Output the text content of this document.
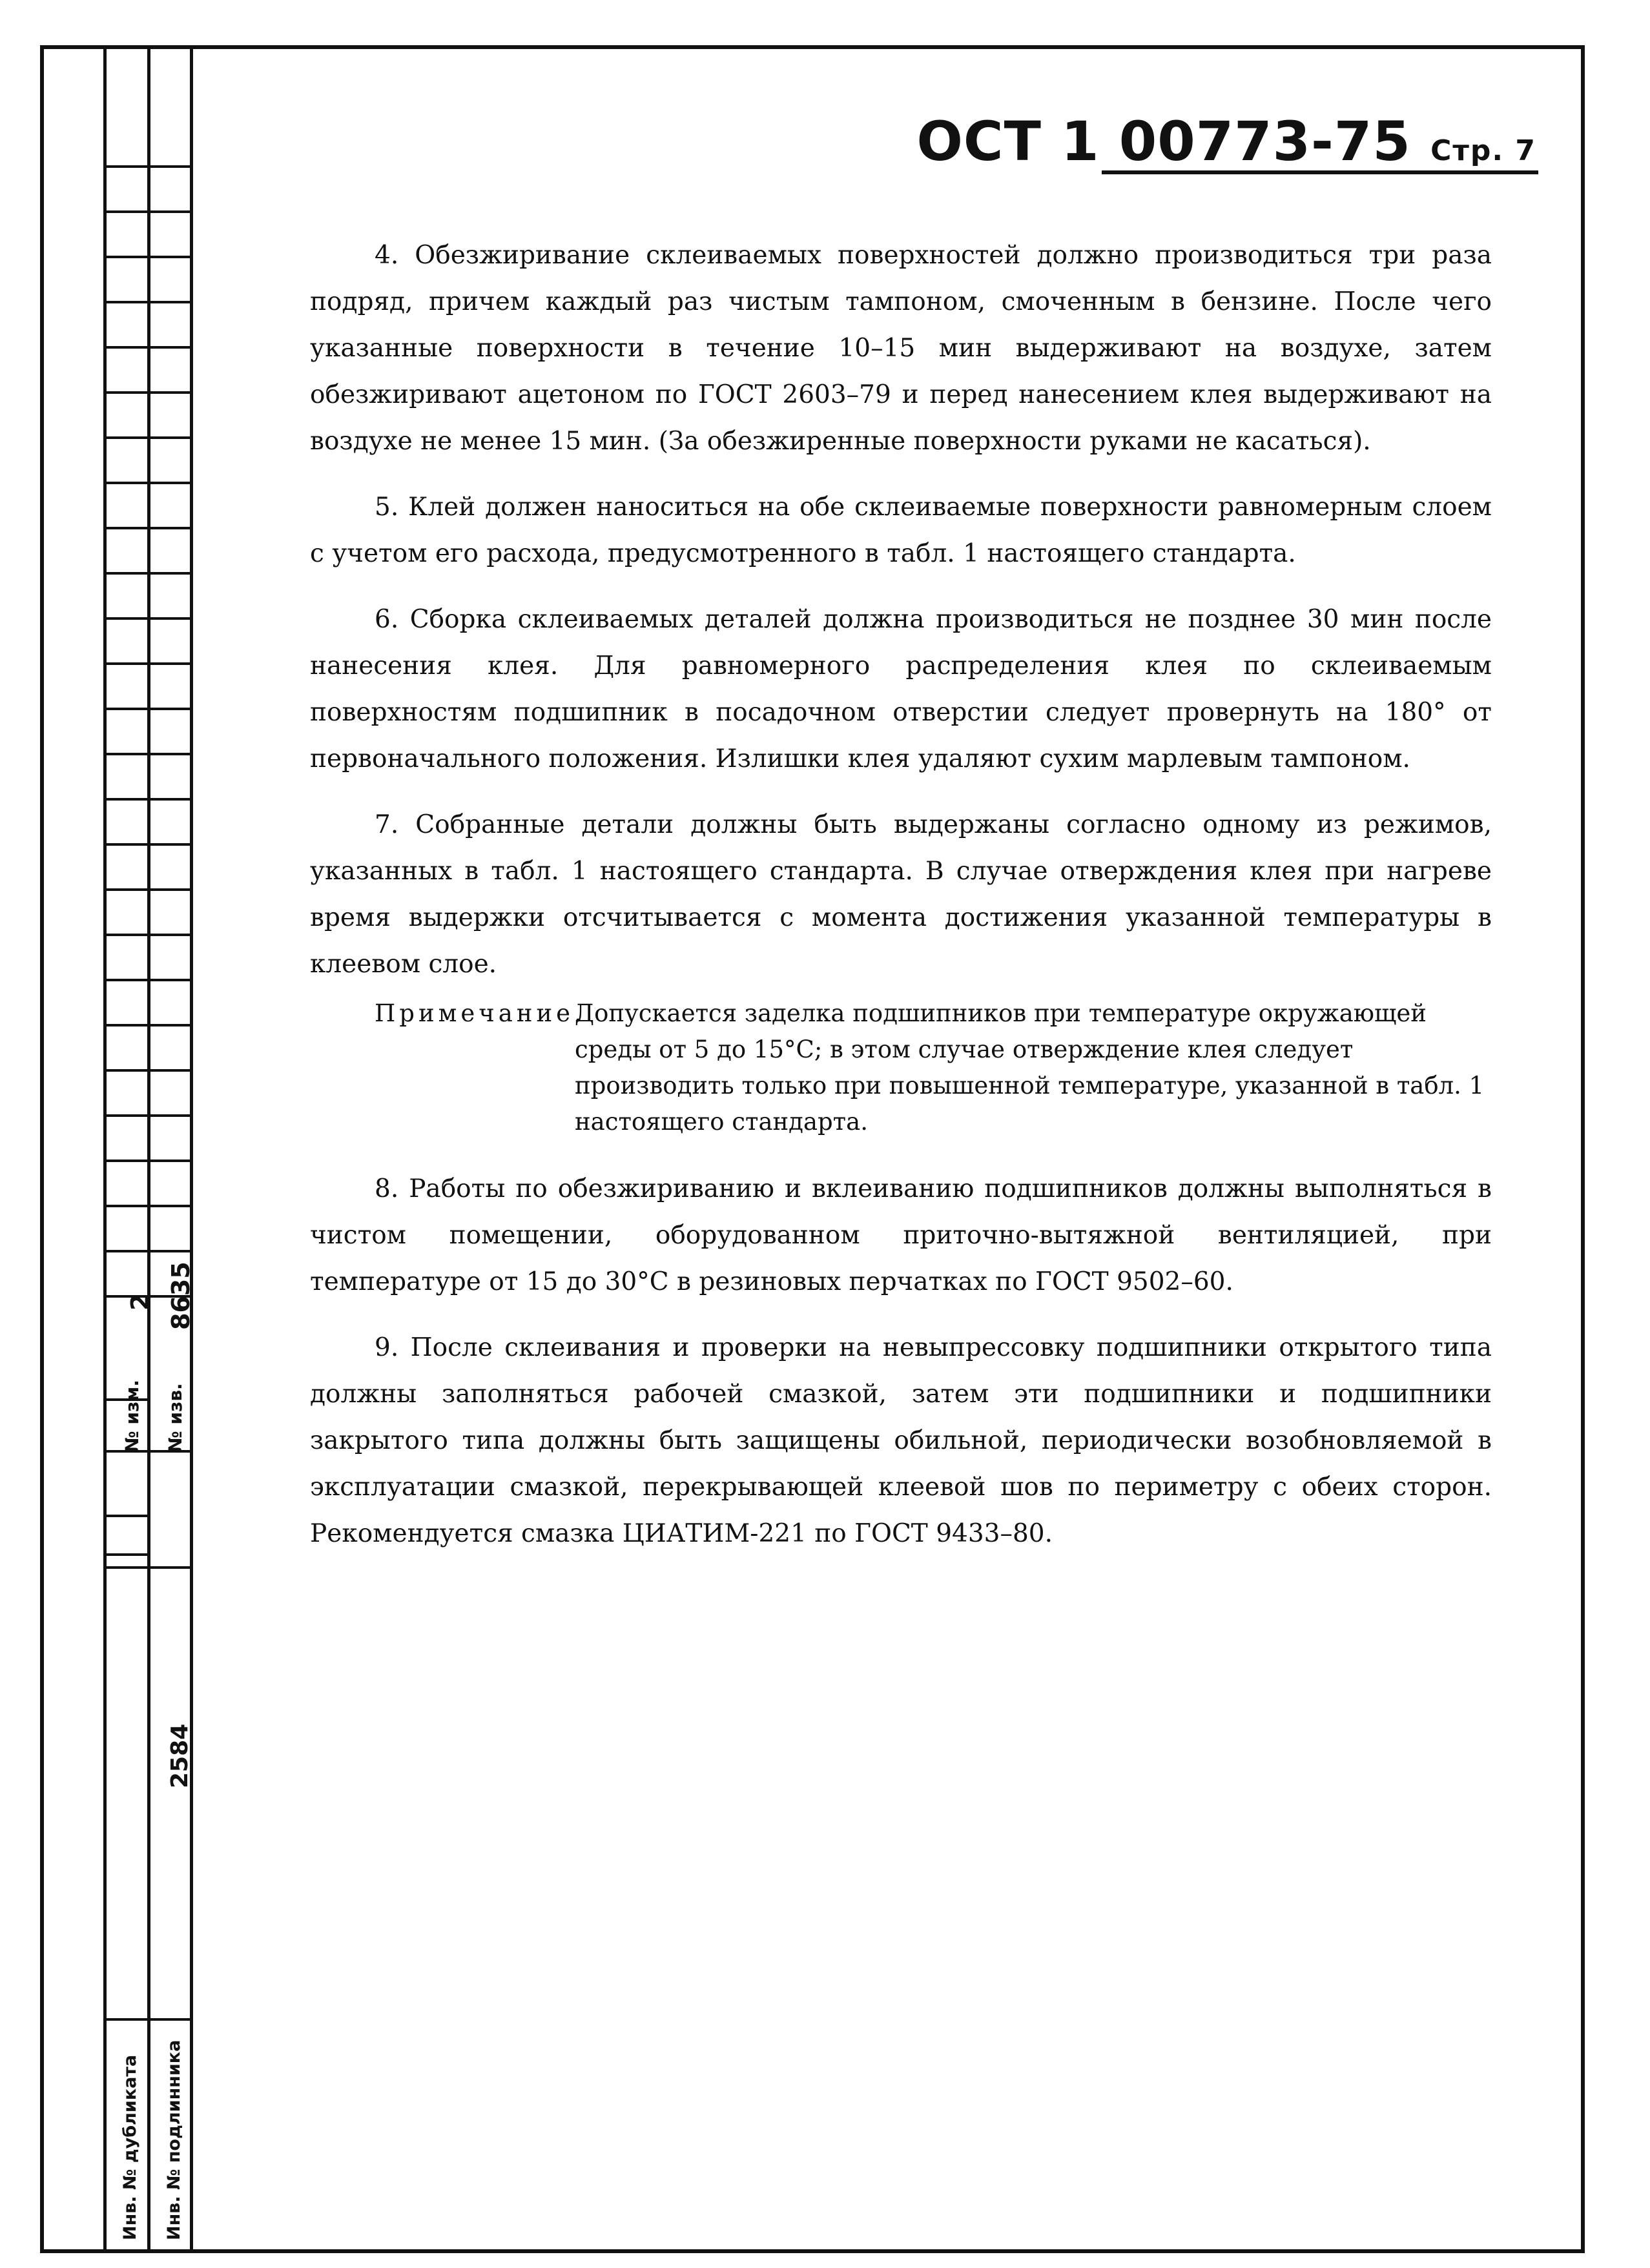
2 8635
№ изм. № изв.
2584
Инв. № дубликата Инв. № подлинника
ОСТ 1 00773-75 Стр. 7

4. Обезжиривание склеиваемых поверхностей должно производиться три раза подряд, причем каждый раз чистым тампоном, смоченным в бензине. После чего указанные поверхности в течение 10–15 мин выдерживают на воздухе, затем обезжиривают ацетоном по ГОСТ 2603–79 и перед нанесением клея выдерживают на воздухе не менее 15 мин. (За обезжиренные поверхности руками не касаться).

5. Клей должен наноситься на обе склеиваемые поверхности равномерным слоем с учетом его расхода, предусмотренного в табл. 1 настоящего стандарта.

6. Сборка склеиваемых деталей должна производиться не позднее 30 мин после нанесения клея. Для равномерного распределения клея по склеиваемым поверхностям подшипник в посадочном отверстии следует провернуть на 180° от первоначального положения. Излишки клея удаляют сухим марлевым тампоном.

7. Собранные детали должны быть выдержаны согласно одному из режимов, указанных в табл. 1 настоящего стандарта. В случае отверждения клея при нагреве время выдержки отсчитывается с момента достижения указанной температуры в клеевом слое.

Примечание.
Допускается заделка подшипников при температуре окружающей среды от 5 до 15°С; в этом случае отверждение клея следует производить только при повышенной температуре, указанной в табл. 1 настоящего стандарта.

8. Работы по обезжириванию и вклеиванию подшипников должны выполняться в чистом помещении, оборудованном приточно-вытяжной вентиляцией, при температуре от 15 до 30°С в резиновых перчатках по ГОСТ 9502–60.

9. После склеивания и проверки на невыпрессовку подшипники открытого типа должны заполняться рабочей смазкой, затем эти подшипники и подшипники закрытого типа должны быть защищены обильной, периодически возобновляемой в эксплуатации смазкой, перекрывающей клеевой шов по периметру с обеих сторон. Рекомендуется смазка ЦИАТИМ-221 по ГОСТ 9433–80.
